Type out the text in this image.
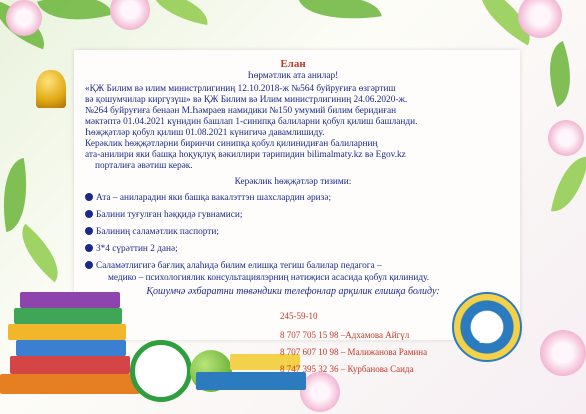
Елан
Һөрмәтлик ата анилар!
«ҚЖ Билим вә илим министрлигиниң 12.10.2018-ж №564 буйруғиға өзгәртиш
вә қошумчилар киргүзүш» вә ҚЖ Билим вә Илим министрлигиниң 24.06.2020-ж.
№264 буйруғиға бенаән М.Һәмраев намидики №150 умумий билим беридиған
мәктәптә 01.04.2021 күнидин башлап 1-синипқа балиларни қобул қилиш башланди.
Һөҗҗәтләр қобул қилиш 01.08.2021 күнигичә давамлишиду.
Керәклик һөҗҗәтләрни биринчи синипқа қобул қилинидиған балиларниң
ата-анилири яки башқа һоқуқлуқ вәкиллири тәрипидин bilimalmaty.kz вә Egov.kz
порталиға әвәтиш керәк.
Керәклик һөҗҗәтләр тизими:
Ата – аниларадин яки башқа вакалэттэн шахслардин әризә;
Балини туғулған һәққидә гувнамиси;
Балиниң саламәтлик паспорти;
3*4 сүрәттин 2 данә;
Саламәтлигигә бағлиқ алаһидә билим елишқа тегиш балилар педагога –
медико – психологиялик консультациялэрниң нәтиҗиси асасида қобул қилиниду.
Қошумчә әхбаратни төвәндики телефонлар арқилик елишқа болиду:
245-59-10
8 707 705 15 98 –Адхамова Айгүл
8 707 607 10 98 – Малижанова Рамина
8 747 395 32 36 – Курбанова Саида
150
